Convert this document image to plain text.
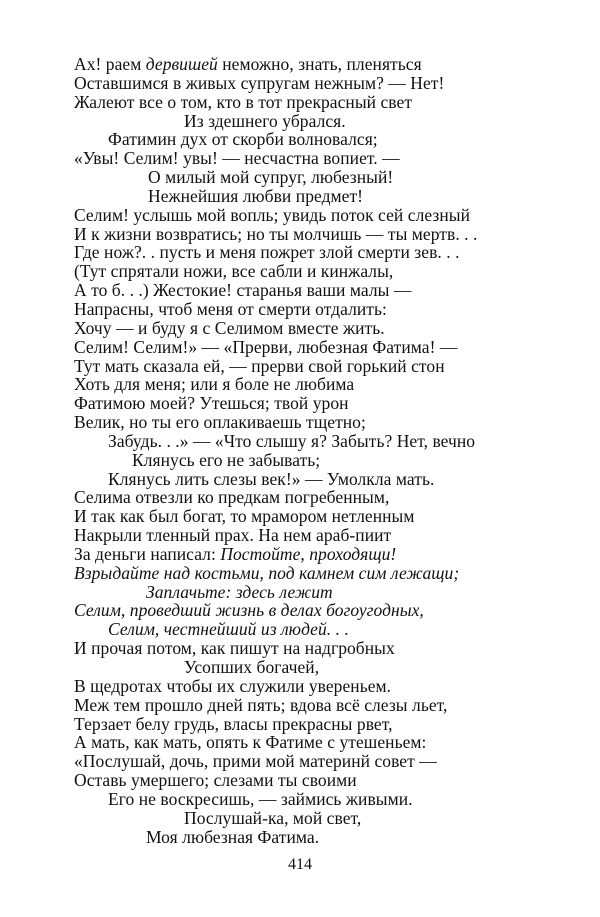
Ах! раем дервишей неможно, знать, пленяться
Оставшимся в живых супругам нежным? — Нет!
Жалеют все о том, кто в тот прекрасный свет
Из здешнего убрался.
Фатимин дух от скорби волновался;
«Увы! Селим! увы! — несчастна вопиет. —
О милый мой супруг, любезный!
Нежнейшия любви предмет!
Селим! услышь мой вопль; увидь поток сей слезный
И к жизни возвратись; но ты молчишь — ты мертв. . .
Где нож?. . пусть и меня пожрет злой смерти зев. . .
(Тут спрятали ножи, все сабли и кинжалы,
А то б. . .) Жестокие! старанья ваши малы —
Напрасны, чтоб меня от смерти отдалить:
Хочу — и буду я с Селимом вместе жить.
Селим! Селим!» — «Прерви, любезная Фатима! —
Тут мать сказала ей, — прерви свой горький стон
Хоть для меня; или я боле не любима
Фатимою моей? Утешься; твой урон
Велик, но ты его оплакиваешь тщетно;
Забудь. . .» — «Что слышу я? Забыть? Нет, вечно
Клянусь его не забывать;
Клянусь лить слезы век!» — Умолкла мать.
Селима отвезли ко предкам погребенным,
И так как был богат, то мрамором нетленным
Накрыли тленный прах. На нем араб-пиит
За деньги написал: Постойте, проходящи!
Взрыдайте над костьми, под камнем сим лежащи;
Заплачьте: здесь лежит
Селим, проведший жизнь в делах богоугодных,
Селим, честнейший из людей. . .
И прочая потом, как пишут на надгробных
Усопших богачей,
В щедротах чтобы их служили увереньем.
Меж тем прошло дней пять; вдова всё слезы льет,
Терзает белу грудь, власы прекрасны рвет,
А мать, как мать, опять к Фатиме с утешеньем:
«Послушай, дочь, прими мой материнй совет —
Оставь умершего; слезами ты своими
Его не воскресишь, — займись живыми.
Послушай-ка, мой свет,
Моя любезная Фатима.
414
